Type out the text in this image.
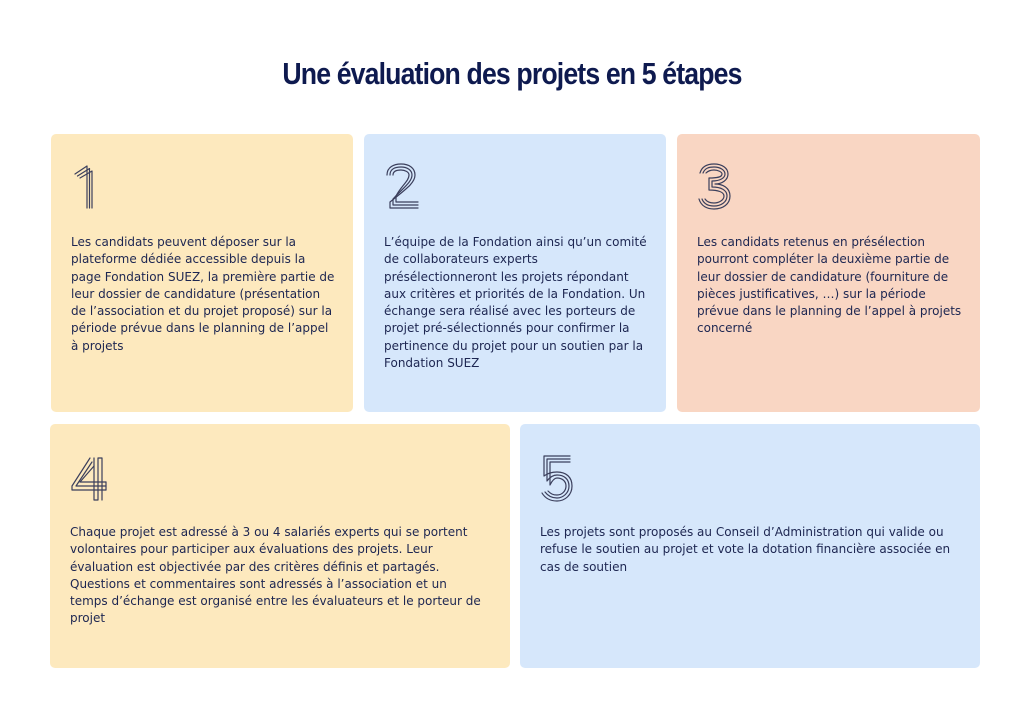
Une évaluation des projets en 5 étapes

Les candidats peuvent déposer sur la plateforme dédiée accessible depuis la page Fondation SUEZ, la première partie de leur dossier de candidature (présentation de l’association et du projet proposé) sur la période prévue dans le planning de l’appel à projets

L’équipe de la Fondation ainsi qu’un comité de collaborateurs experts présélectionneront les projets répondant aux critères et priorités de la Fondation. Un échange sera réalisé avec les porteurs de projet pré-sélectionnés pour confirmer la pertinence du projet pour un soutien par la Fondation SUEZ

Les candidats retenus en présélection pourront compléter la deuxième partie de leur dossier de candidature (fourniture de pièces justificatives, …) sur la période prévue dans le planning de l’appel à projets concerné

Chaque projet est adressé à 3 ou 4 salariés experts qui se portent volontaires pour participer aux évaluations des projets. Leur évaluation est objectivée par des critères définis et partagés. Questions et commentaires sont adressés à l’association et un temps d’échange est organisé entre les évaluateurs et le porteur de projet

Les projets sont proposés au Conseil d’Administration qui valide ou refuse le soutien au projet et vote la dotation financière associée en cas de soutien
